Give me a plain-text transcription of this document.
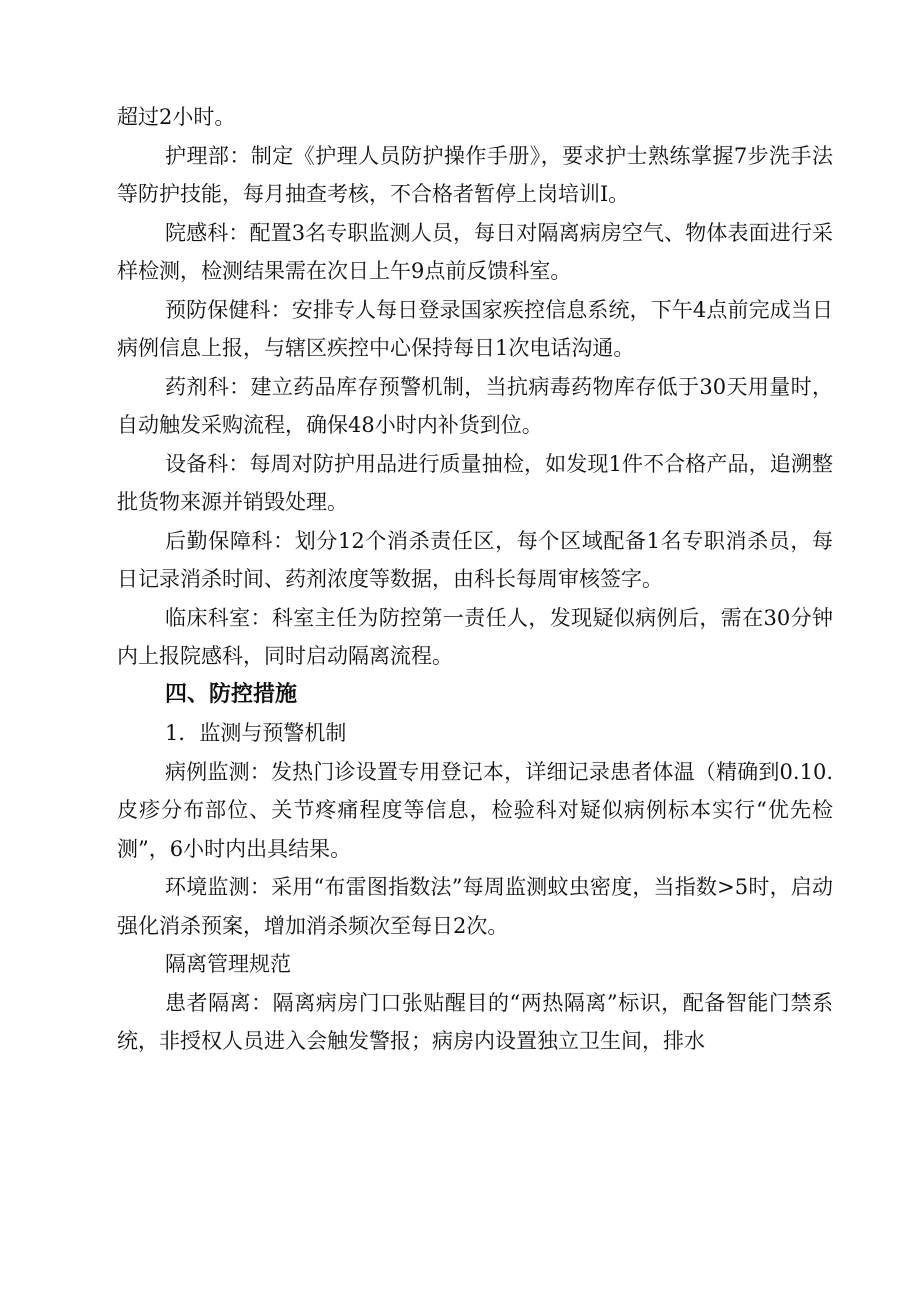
超过2小时。

护理部：制定《护理人员防护操作手册》，要求护士熟练掌握7步洗手法等防护技能，每月抽查考核，不合格者暂停上岗培训I。

院感科：配置3名专职监测人员，每日对隔离病房空气、物体表面进行采样检测，检测结果需在次日上午9点前反馈科室。

预防保健科：安排专人每日登录国家疾控信息系统，下午4点前完成当日病例信息上报，与辖区疾控中心保持每日1次电话沟通。

药剂科：建立药品库存预警机制，当抗病毒药物库存低于30天用量时，自动触发采购流程，确保48小时内补货到位。

设备科：每周对防护用品进行质量抽检，如发现1件不合格产品，追溯整批货物来源并销毁处理。

后勤保障科：划分12个消杀责任区，每个区域配备1名专职消杀员，每日记录消杀时间、药剂浓度等数据，由科长每周审核签字。

临床科室：科室主任为防控第一责任人，发现疑似病例后，需在30分钟内上报院感科，同时启动隔离流程。

四、防控措施

1．监测与预警机制

病例监测：发热门诊设置专用登记本，详细记录患者体温（精确到0.10.皮疹分布部位、关节疼痛程度等信息，检验科对疑似病例标本实行“优先检测”，6小时内出具结果。

环境监测：采用“布雷图指数法”每周监测蚊虫密度，当指数>5时，启动强化消杀预案，增加消杀频次至每日2次。

隔离管理规范

患者隔离：隔离病房门口张贴醒目的“两热隔离”标识，配备智能门禁系统，非授权人员进入会触发警报；病房内设置独立卫生间，排水
